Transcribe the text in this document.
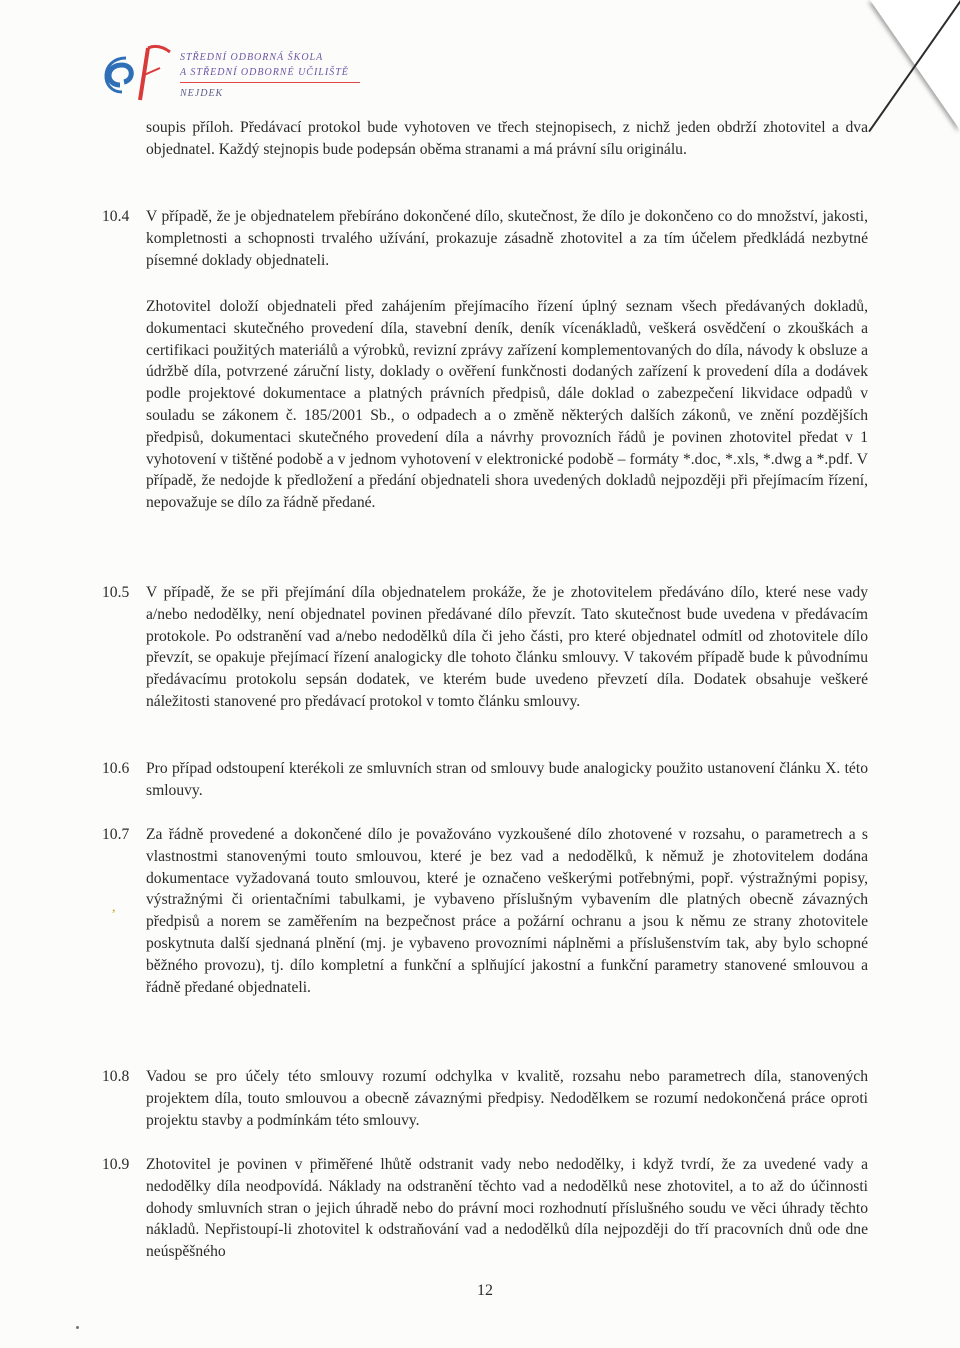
STŘEDNÍ ODBORNÁ ŠKOLA
A STŘEDNÍ ODBORNÉ UČILIŠTĚ
NEJDEK
soupis příloh. Předávací protokol bude vyhotoven ve třech stejnopisech, z nichž jeden obdrží zhotovitel a dva objednatel. Každý stejnopis bude podepsán oběma stranami a má právní sílu originálu.
10.4	V případě, že je objednatelem přebíráno dokončené dílo, skutečnost, že dílo je dokončeno co do množství, jakosti, kompletnosti a schopnosti trvalého užívání, prokazuje zásadně zhotovitel a za tím účelem předkládá nezbytné písemné doklady objednateli.
Zhotovitel doloží objednateli před zahájením přejímacího řízení úplný seznam všech předávaných dokladů, dokumentaci skutečného provedení díla, stavební deník, deník vícenákladů, veškerá osvědčení o zkouškách a certifikaci použitých materiálů a výrobků, revizní zprávy zařízení komplementovaných do díla, návody k obsluze a údržbě díla, potvrzené záruční listy, doklady o ověření funkčnosti dodaných zařízení k provedení díla a dodávek podle projektové dokumentace a platných právních předpisů, dále doklad o zabezpečení likvidace odpadů v souladu se zákonem č. 185/2001 Sb., o odpadech a o změně některých dalších zákonů, ve znění pozdějších předpisů, dokumentaci skutečného provedení díla a návrhy provozních řádů je povinen zhotovitel předat v 1 vyhotovení v tištěné podobě a v jednom vyhotovení v elektronické podobě – formáty *.doc, *.xls, *.dwg a *.pdf. V případě, že nedojde k předložení a předání objednateli shora uvedených dokladů nejpozději při přejímacím řízení, nepovažuje se dílo za řádně předané.
10.5	V případě, že se při přejímání díla objednatelem prokáže, že je zhotovitelem předáváno dílo, které nese vady a/nebo nedodělky, není objednatel povinen předávané dílo převzít. Tato skutečnost bude uvedena v předávacím protokole. Po odstranění vad a/nebo nedodělků díla či jeho části, pro které objednatel odmítl od zhotovitele dílo převzít, se opakuje přejímací řízení analogicky dle tohoto článku smlouvy. V takovém případě bude k původnímu předávacímu protokolu sepsán dodatek, ve kterém bude uvedeno převzetí díla. Dodatek obsahuje veškeré náležitosti stanovené pro předávací protokol v tomto článku smlouvy.
10.6	Pro případ odstoupení kterékoli ze smluvních stran od smlouvy bude analogicky použito ustanovení článku X. této smlouvy.
10.7	Za řádně provedené a dokončené dílo je považováno vyzkoušené dílo zhotovené v rozsahu, o parametrech a s vlastnostmi stanovenými touto smlouvou, které je bez vad a nedodělků, k němuž je zhotovitelem dodána dokumentace vyžadovaná touto smlouvou, které je označeno veškerými potřebnými, popř. výstražnými popisy, výstražnými či orientačními tabulkami, je vybaveno příslušným vybavením dle platných obecně závazných předpisů a norem se zaměřením na bezpečnost práce a požární ochranu a jsou k němu ze strany zhotovitele poskytnuta další sjednaná plnění (mj. je vybaveno provozními náplněmi a příslušenstvím tak, aby bylo schopné běžného provozu), tj. dílo kompletní a funkční a splňující jakostní a funkční parametry stanovené smlouvou a řádně předané objednateli.
,
10.8	Vadou se pro účely této smlouvy rozumí odchylka v kvalitě, rozsahu nebo parametrech díla, stanovených projektem díla, touto smlouvou a obecně závaznými předpisy. Nedodělkem se rozumí nedokončená práce oproti projektu stavby a podmínkám této smlouvy.
10.9	Zhotovitel je povinen v přiměřené lhůtě odstranit vady nebo nedodělky, i když tvrdí, že za uvedené vady a nedodělky díla neodpovídá. Náklady na odstranění těchto vad a nedodělků nese zhotovitel, a to až do účinnosti dohody smluvních stran o jejich úhradě nebo do právní moci rozhodnutí příslušného soudu ve věci úhrady těchto nákladů. Nepřistoupí-li zhotovitel k odstraňování vad a nedodělků díla nejpozději do tří pracovních dnů ode dne neúspěšného
12
